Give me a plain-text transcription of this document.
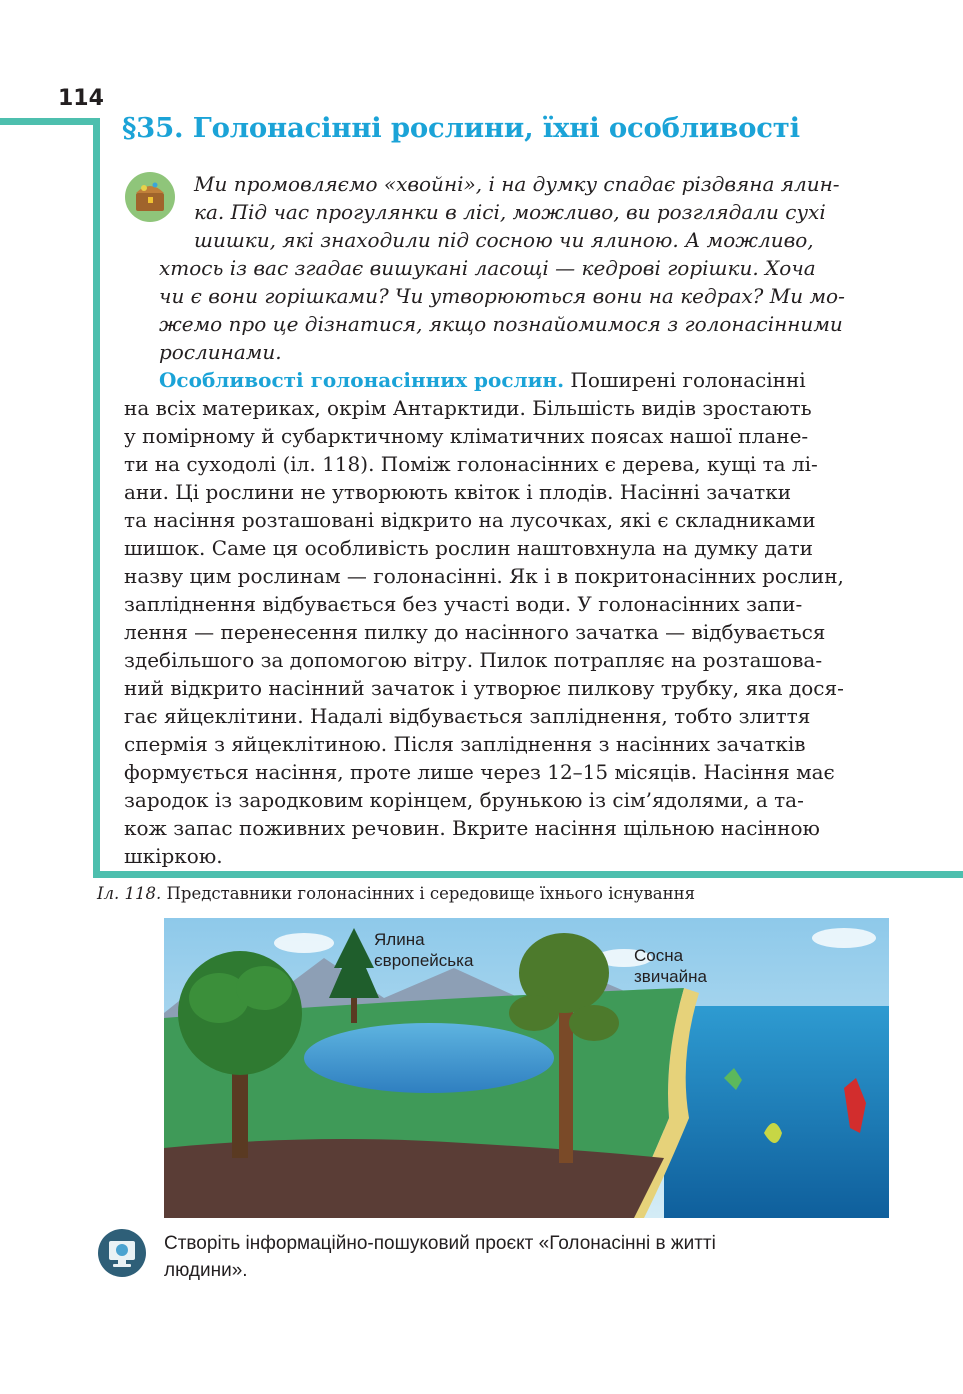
114
§35. Голонасінні рослини, їхні особливості
Ми промовляємо «хвойні», і на думку спадає різдвяна ялин-
ка. Під час прогулянки в лісі, можливо, ви розглядали сухі
шишки, які знаходили під сосною чи ялиною. А можливо,
хтось із вас згадає вишукані ласощі — кедрові горішки. Хоча
чи є вони горішками? Чи утворюються вони на кедрах? Ми мо-
жемо про це дізнатися, якщо познайомимося з голонасінними
рослинами.
Особливості голонасінних рослин. Поширені голонасінні
на всіх материках, окрім Антарктиди. Більшість видів зростають
у помірному й субарктичному кліматичних поясах нашої плане-
ти на суходолі (іл. 118). Поміж голонасінних є дерева, кущі та лі-
ани. Ці рослини не утворюють квіток і плодів. Насінні зачатки
та насіння розташовані відкрито на лусочках, які є складниками
шишок. Саме ця особливість рослин наштовхнула на думку дати
назву цим рослинам — голонасінні. Як і в покритонасінних рослин,
запліднення відбувається без участі води. У голонасінних запи-
лення — перенесення пилку до насінного зачатка — відбувається
здебільшого за допомогою вітру. Пилок потрапляє на розташова-
ний відкрито насінний зачаток і утворює пилкову трубку, яка дося-
гає яйцеклітини. Надалі відбувається запліднення, тобто злиття
спермія з яйцеклітиною. Після запліднення з насінних зачатків
формується насіння, проте лише через 12–15 місяців. Насіння має
зародок із зародковим корінцем, брунькою із сім’ядолями, а та-
кож запас поживних речовин. Вкрите насіння щільною насінною
шкіркою.
Іл. 118. Представники голонасінних і середовище їхнього існування
Ялина
європейська	Сосна
звичайна
Створіть інформаційно-пошуковий проєкт «Голонасінні в житті
людини».
